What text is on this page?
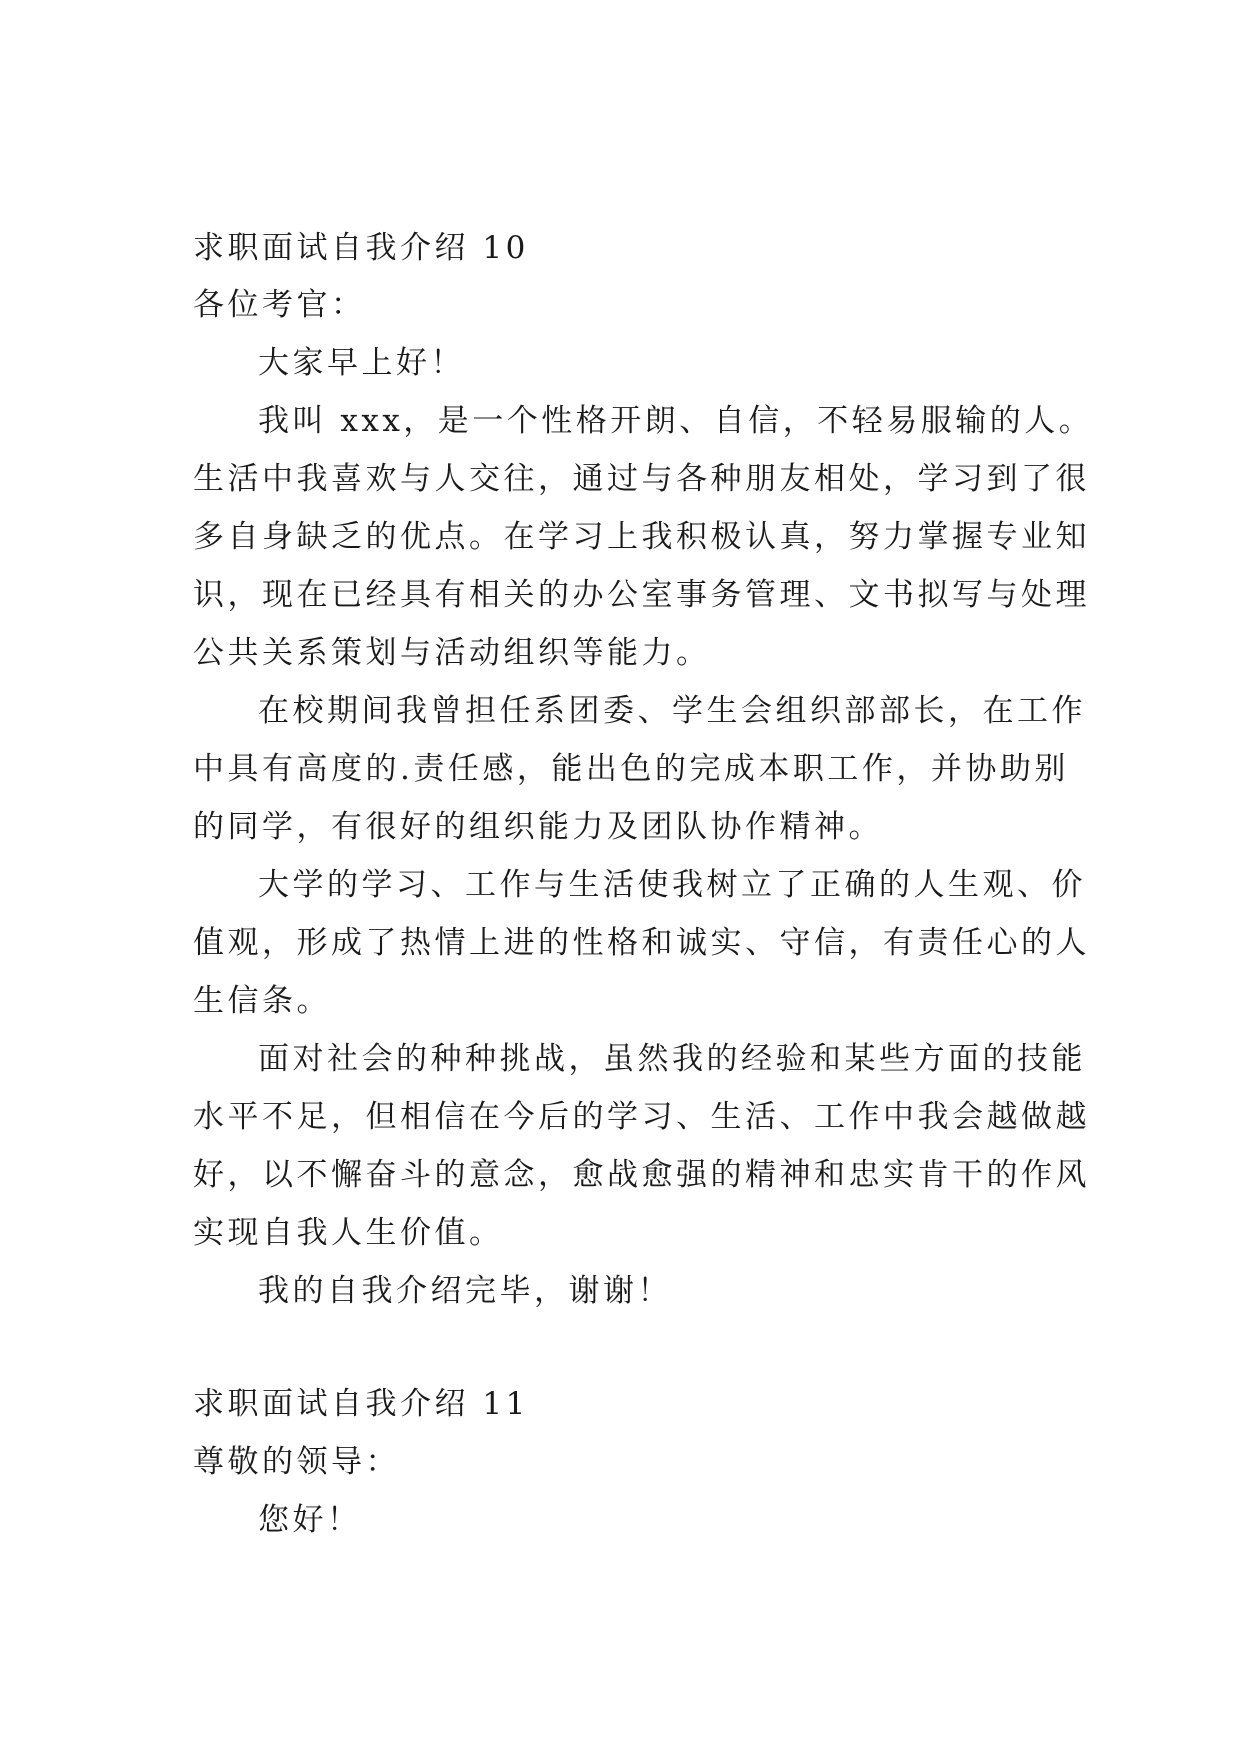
求职面试自我介绍 10
各位考官：
大家早上好！
我叫 xxx，是一个性格开朗、自信，不轻易服输的人。
生活中我喜欢与人交往，通过与各种朋友相处，学习到了很
多自身缺乏的优点。在学习上我积极认真，努力掌握专业知
识，现在已经具有相关的办公室事务管理、文书拟写与处理
公共关系策划与活动组织等能力。
在校期间我曾担任系团委、学生会组织部部长，在工作
中具有高度的.责任感，能出色的完成本职工作，并协助别
的同学，有很好的组织能力及团队协作精神。
大学的学习、工作与生活使我树立了正确的人生观、价
值观，形成了热情上进的性格和诚实、守信，有责任心的人
生信条。
面对社会的种种挑战，虽然我的经验和某些方面的技能
水平不足，但相信在今后的学习、生活、工作中我会越做越
好，以不懈奋斗的意念，愈战愈强的精神和忠实肯干的作风
实现自我人生价值。
我的自我介绍完毕，谢谢！
求职面试自我介绍 11
尊敬的领导：
您好！
